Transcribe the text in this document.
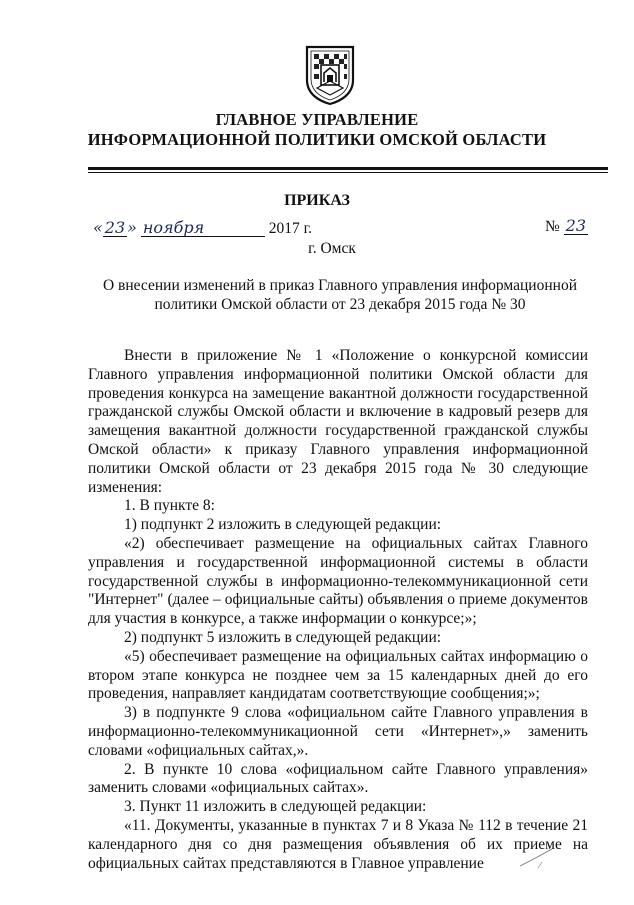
ГЛАВНОЕ УПРАВЛЕНИЕ
ИНФОРМАЦИОННОЙ ПОЛИТИКИ ОМСКОЙ ОБЛАСТИ
ПРИКАЗ
« 23 » ноября	2017 г.	№ 23
г. Омск
О внесении изменений в приказ Главного управления информационной политики Омской области от 23 декабря 2015 года № 30

Внести в приложение № 1 «Положение о конкурсной комиссии Главного управления информационной политики Омской области для проведения конкурса на замещение вакантной должности государственной гражданской службы Омской области и включение в кадровый резерв для замещения вакантной должности государственной гражданской службы Омской области» к приказу Главного управления информационной политики Омской области от 23 декабря 2015 года № 30 следующие изменения:

1. В пункте 8:

1) подпункт 2 изложить в следующей редакции:

«2) обеспечивает размещение на официальных сайтах Главного управления и государственной информационной системы в области государственной службы в информационно-телекоммуникационной сети "Интернет" (далее – официальные сайты) объявления о приеме документов для участия в конкурсе, а также информации о конкурсе;»;

2) подпункт 5 изложить в следующей редакции:

«5) обеспечивает размещение на официальных сайтах информацию о втором этапе конкурса не позднее чем за 15 календарных дней до его проведения, направляет кандидатам соответствующие сообщения;»;

3) в подпункте 9 слова «официальном сайте Главного управления в информационно-телекоммуникационной сети «Интернет»,» заменить словами «официальных сайтах,».

2. В пункте 10 слова «официальном сайте Главного управления» заменить словами «официальных сайтах».

3. Пункт 11 изложить в следующей редакции:

«11. Документы, указанные в пунктах 7 и 8 Указа № 112 в течение 21 календарного дня со дня размещения объявления об их приеме на официальных сайтах представляются в Главное управление
